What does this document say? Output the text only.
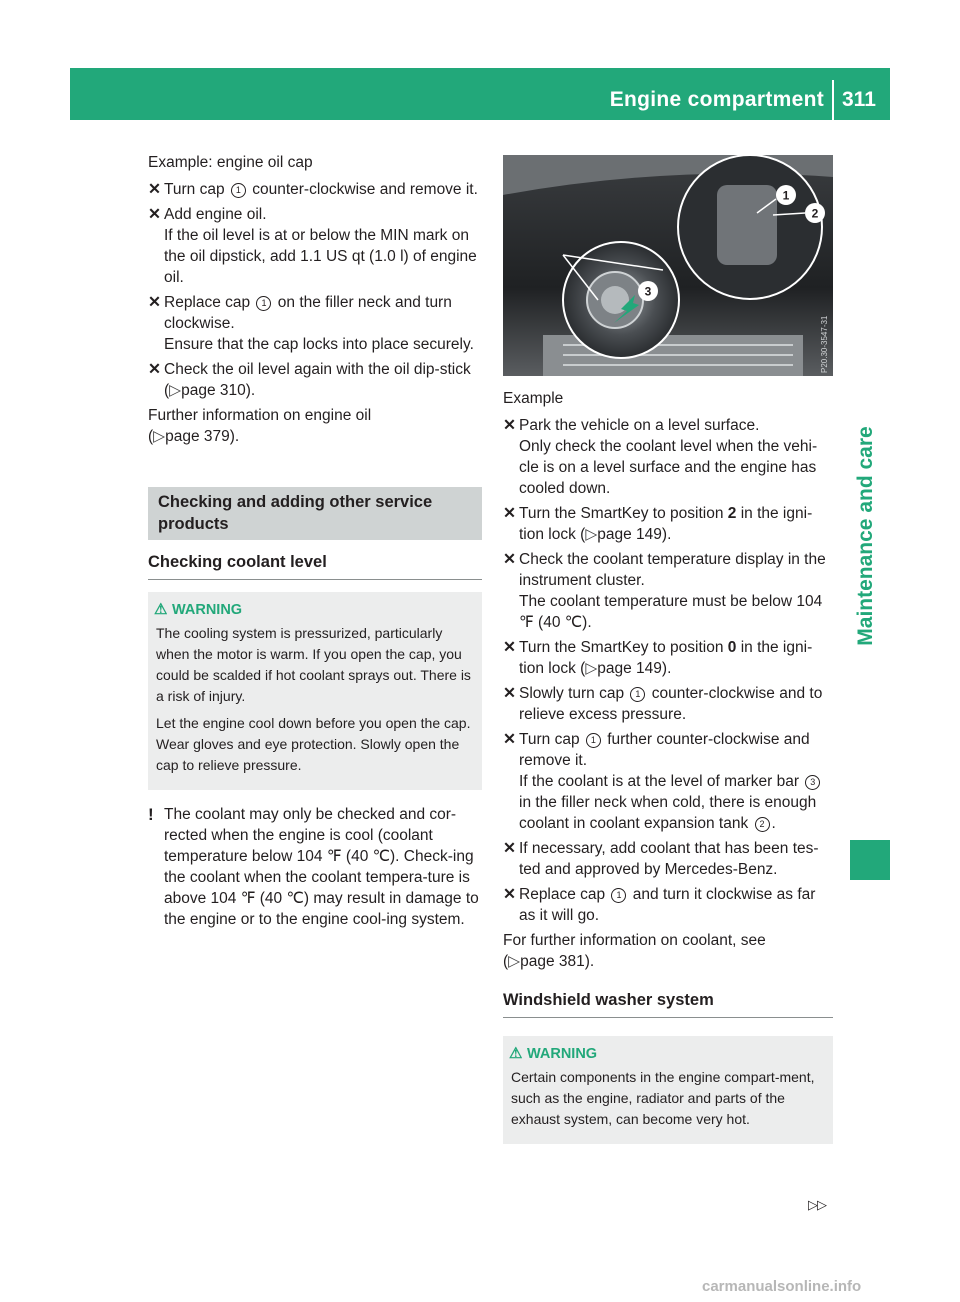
Engine compartment 311
Maintenance and care

Example: engine oil cap

✕ Turn cap 1 counter-clockwise and remove it.
✕ Add engine oil.
If the oil level is at or below the MIN mark on the oil dipstick, add 1.1 US qt (1.0 l) of engine oil.
✕ Replace cap 1 on the filler neck and turn clockwise.
Ensure that the cap locks into place securely.
✕ Check the oil level again with the oil dip-stick (▷page 310).

Further information on engine oil
(▷page 379).

Checking and adding other service products
Checking coolant level
⚠ WARNING

The cooling system is pressurized, particularly when the motor is warm. If you open the cap, you could be scalded if hot coolant sprays out. There is a risk of injury.

Let the engine cool down before you open the cap. Wear gloves and eye protection. Slowly open the cap to relieve pressure.

! The coolant may only be checked and cor-rected when the engine is cool (coolant temperature below 104 ℉ (40 ℃). Check-ing the coolant when the coolant tempera-ture is above 104 ℉ (40 ℃) may result in damage to the engine or to the engine cool-ing system.
1
2
3
P20.30-3547-31

Example

✕ Park the vehicle on a level surface.
Only check the coolant level when the vehi-cle is on a level surface and the engine has cooled down.
✕ Turn the SmartKey to position 2 in the igni-tion lock (▷page 149).
✕ Check the coolant temperature display in the instrument cluster.
The coolant temperature must be below 104 ℉ (40 ℃).
✕ Turn the SmartKey to position 0 in the igni-tion lock (▷page 149).
✕ Slowly turn cap 1 counter-clockwise and to relieve excess pressure.
✕ Turn cap 1 further counter-clockwise and remove it.
If the coolant is at the level of marker bar 3 in the filler neck when cold, there is enough coolant in coolant expansion tank 2 .
✕ If necessary, add coolant that has been tes-ted and approved by Mercedes-Benz.
✕ Replace cap 1 and turn it clockwise as far as it will go.

For further information on coolant, see
(▷page 381).

Windshield washer system
⚠ WARNING

Certain components in the engine compart-ment, such as the engine, radiator and parts of the exhaust system, can become very hot.

▷▷
carmanualsonline.info
